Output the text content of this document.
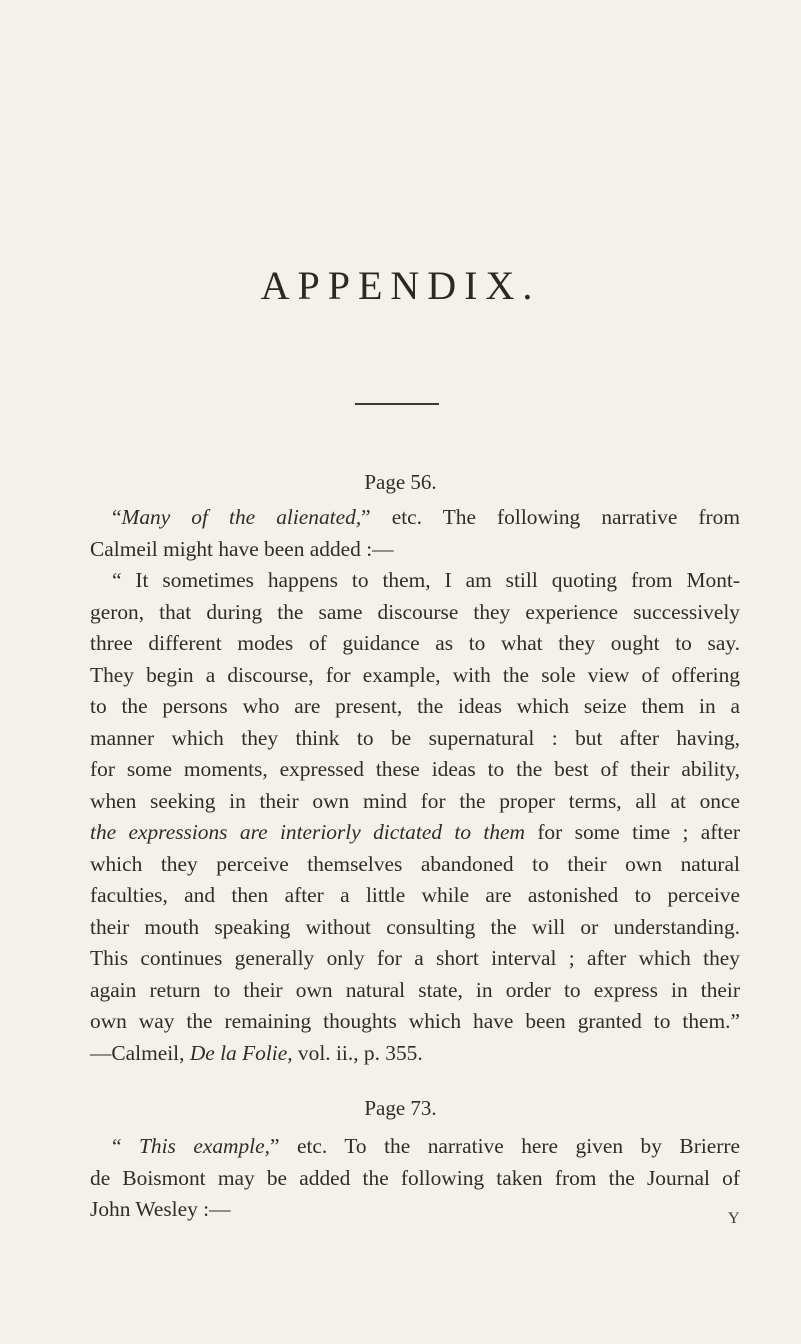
APPENDIX.
Page 56.
“Many of the alienated,” etc. The following narrative from
Calmeil might have been added :—
“ It sometimes happens to them, I am still quoting from Mont-
geron, that during the same discourse they experience successively
three different modes of guidance as to what they ought to say.
They begin a discourse, for example, with the sole view of offering
to the persons who are present, the ideas which seize them in a
manner which they think to be supernatural : but after having,
for some moments, expressed these ideas to the best of their ability,
when seeking in their own mind for the proper terms, all at once
the expressions are interiorly dictated to them for some time ; after
which they perceive themselves abandoned to their own natural
faculties, and then after a little while are astonished to perceive
their mouth speaking without consulting the will or understanding.
This continues generally only for a short interval ; after which they
again return to their own natural state, in order to express in their
own way the remaining thoughts which have been granted to them.”
—Calmeil, De la Folie, vol. ii., p. 355.
Page 73.
“ This example,” etc. To the narrative here given by Brierre
de Boismont may be added the following taken from the Journal of
John Wesley :—	Y
